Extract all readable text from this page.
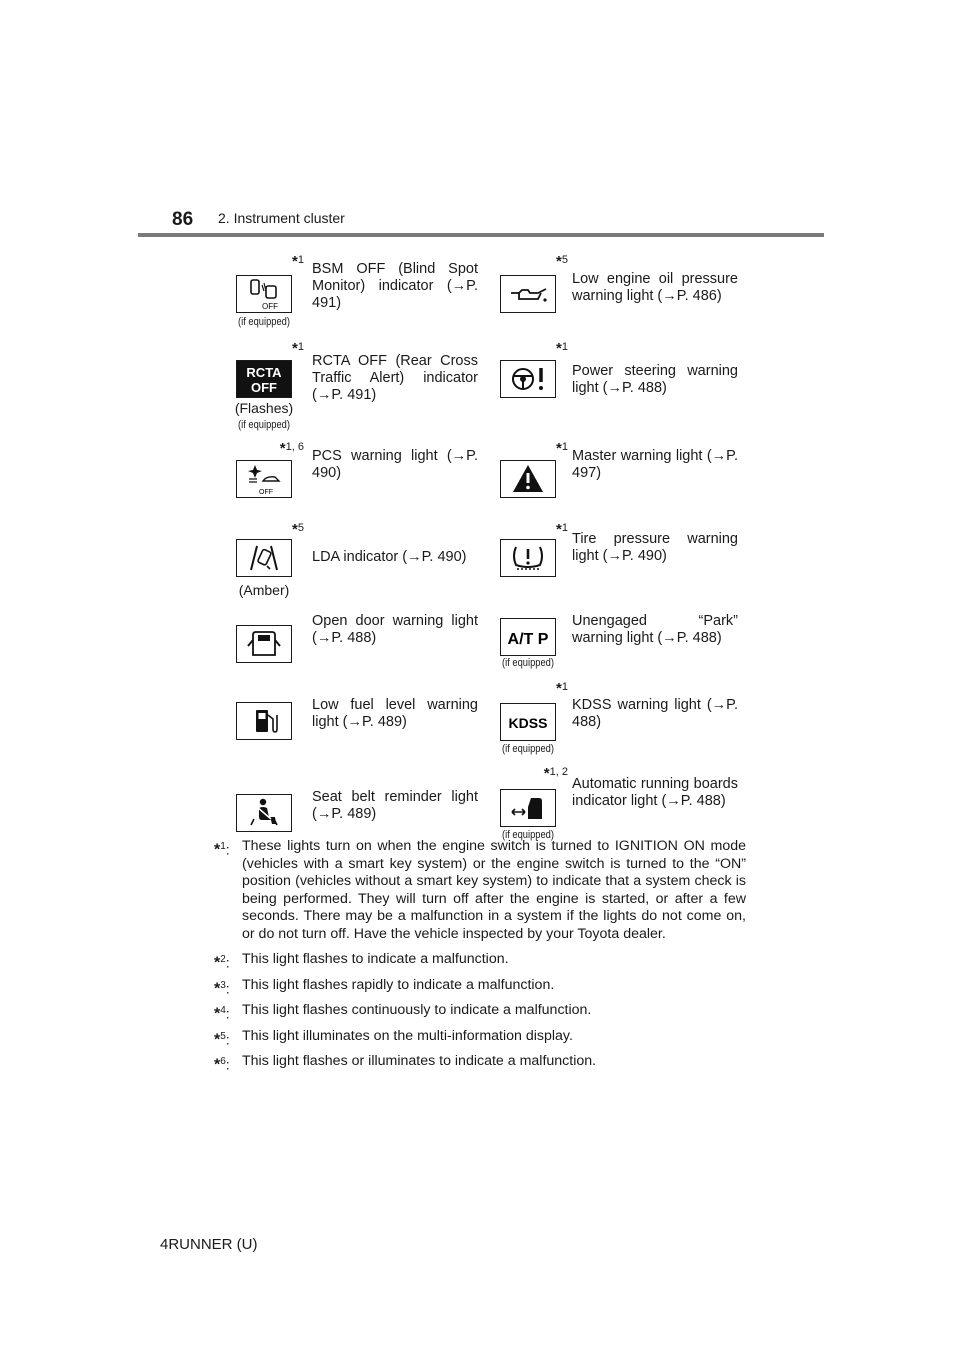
86 2. Instrument cluster
*1
OFF
(if equipped)
BSM OFF (Blind Spot Monitor) indicator (→P. 491)
*5
Low engine oil pressure warning light (→P. 486)
*1
RCTA
OFF
(Flashes)
(if equipped)
RCTA OFF (Rear Cross Traffic Alert) indicator (→P. 491)
*1
Power steering warning light (→P. 488)
*1, 6
OFF
PCS warning light (→P. 490)
*1
Master warning light (→P. 497)
*5
(Amber)
LDA indicator (→P. 490)
*1
Tire pressure warning light (→P. 490)
Open door warning light (→P. 488)	A/T P
(if equipped)
Unengaged “Park” warning light (→P. 488)
Low fuel level warning light (→P. 489)
*1
KDSS
(if equipped)
KDSS warning light (→P. 488)
Seat belt reminder light (→P. 489)
*1, 2
(if equipped)
Automatic running boards indicator light (→P. 488)
*$^1$: These lights turn on when the engine switch is turned to IGNITION ON mode (vehicles with a smart key system) or the engine switch is turned to the “ON” position (vehicles without a smart key system) to indicate that a system check is being performed. They will turn off after the engine is started, or after a few seconds. There may be a malfunction in a system if the lights do not come on, or do not turn off. Have the vehicle inspected by your Toyota dealer.
*$^2$: This light flashes to indicate a malfunction.
*$^3$: This light flashes rapidly to indicate a malfunction.
*$^4$: This light flashes continuously to indicate a malfunction.
*$^5$: This light illuminates on the multi-information display.
*$^6$: This light flashes or illuminates to indicate a malfunction.
4RUNNER (U)
